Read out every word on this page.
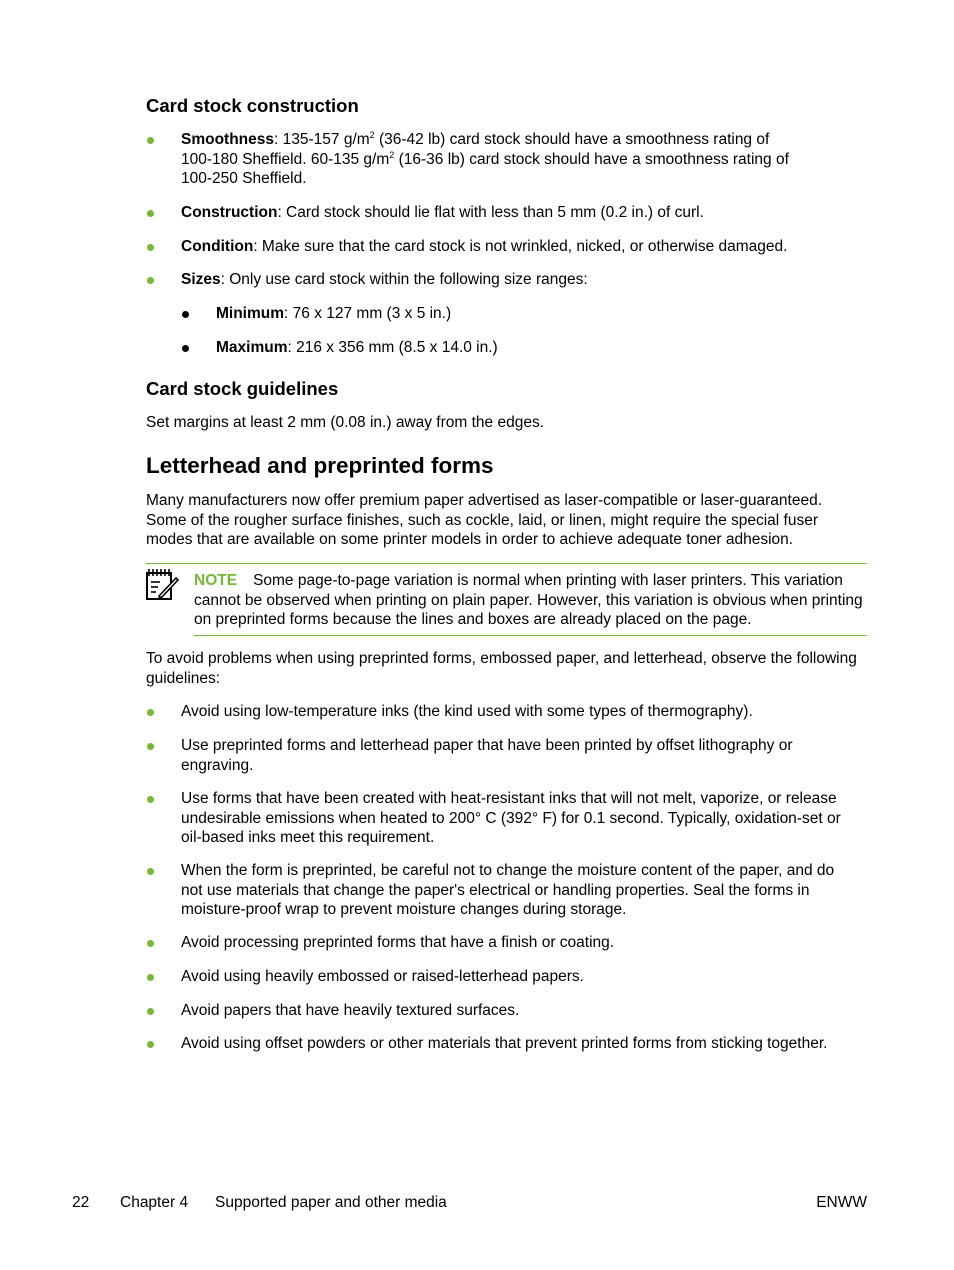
Card stock construction
Smoothness: 135-157 $g/m^2$ (36-42 lb) card stock should have a smoothness rating of
100-180 Sheffield. 60-135 $g/m^2$ (16-36 lb) card stock should have a smoothness rating of
100-250 Sheffield.
Construction: Card stock should lie flat with less than 5 mm (0.2 in.) of curl.
Condition: Make sure that the card stock is not wrinkled, nicked, or otherwise damaged.
Sizes: Only use card stock within the following size ranges:
Minimum: 76 x 127 mm (3 x 5 in.)
Maximum: 216 x 356 mm (8.5 x 14.0 in.)
Card stock guidelines
Set margins at least 2 mm (0.08 in.) away from the edges.
Letterhead and preprinted forms
Many manufacturers now offer premium paper advertised as laser-compatible or laser-guaranteed.
Some of the rougher surface finishes, such as cockle, laid, or linen, might require the special fuser
modes that are available on some printer models in order to achieve adequate toner adhesion.
NOTE Some page-to-page variation is normal when printing with laser printers. This variation
cannot be observed when printing on plain paper. However, this variation is obvious when printing
on preprinted forms because the lines and boxes are already placed on the page.
To avoid problems when using preprinted forms, embossed paper, and letterhead, observe the following
guidelines:
Avoid using low-temperature inks (the kind used with some types of thermography).
Use preprinted forms and letterhead paper that have been printed by offset lithography or
engraving.
Use forms that have been created with heat-resistant inks that will not melt, vaporize, or release
undesirable emissions when heated to 200° C (392° F) for 0.1 second. Typically, oxidation-set or
oil-based inks meet this requirement.
When the form is preprinted, be careful not to change the moisture content of the paper, and do
not use materials that change the paper's electrical or handling properties. Seal the forms in
moisture-proof wrap to prevent moisture changes during storage.
Avoid processing preprinted forms that have a finish or coating.
Avoid using heavily embossed or raised-letterhead papers.
Avoid papers that have heavily textured surfaces.
Avoid using offset powders or other materials that prevent printed forms from sticking together.
22 Chapter 4 Supported paper and other media	ENWW
